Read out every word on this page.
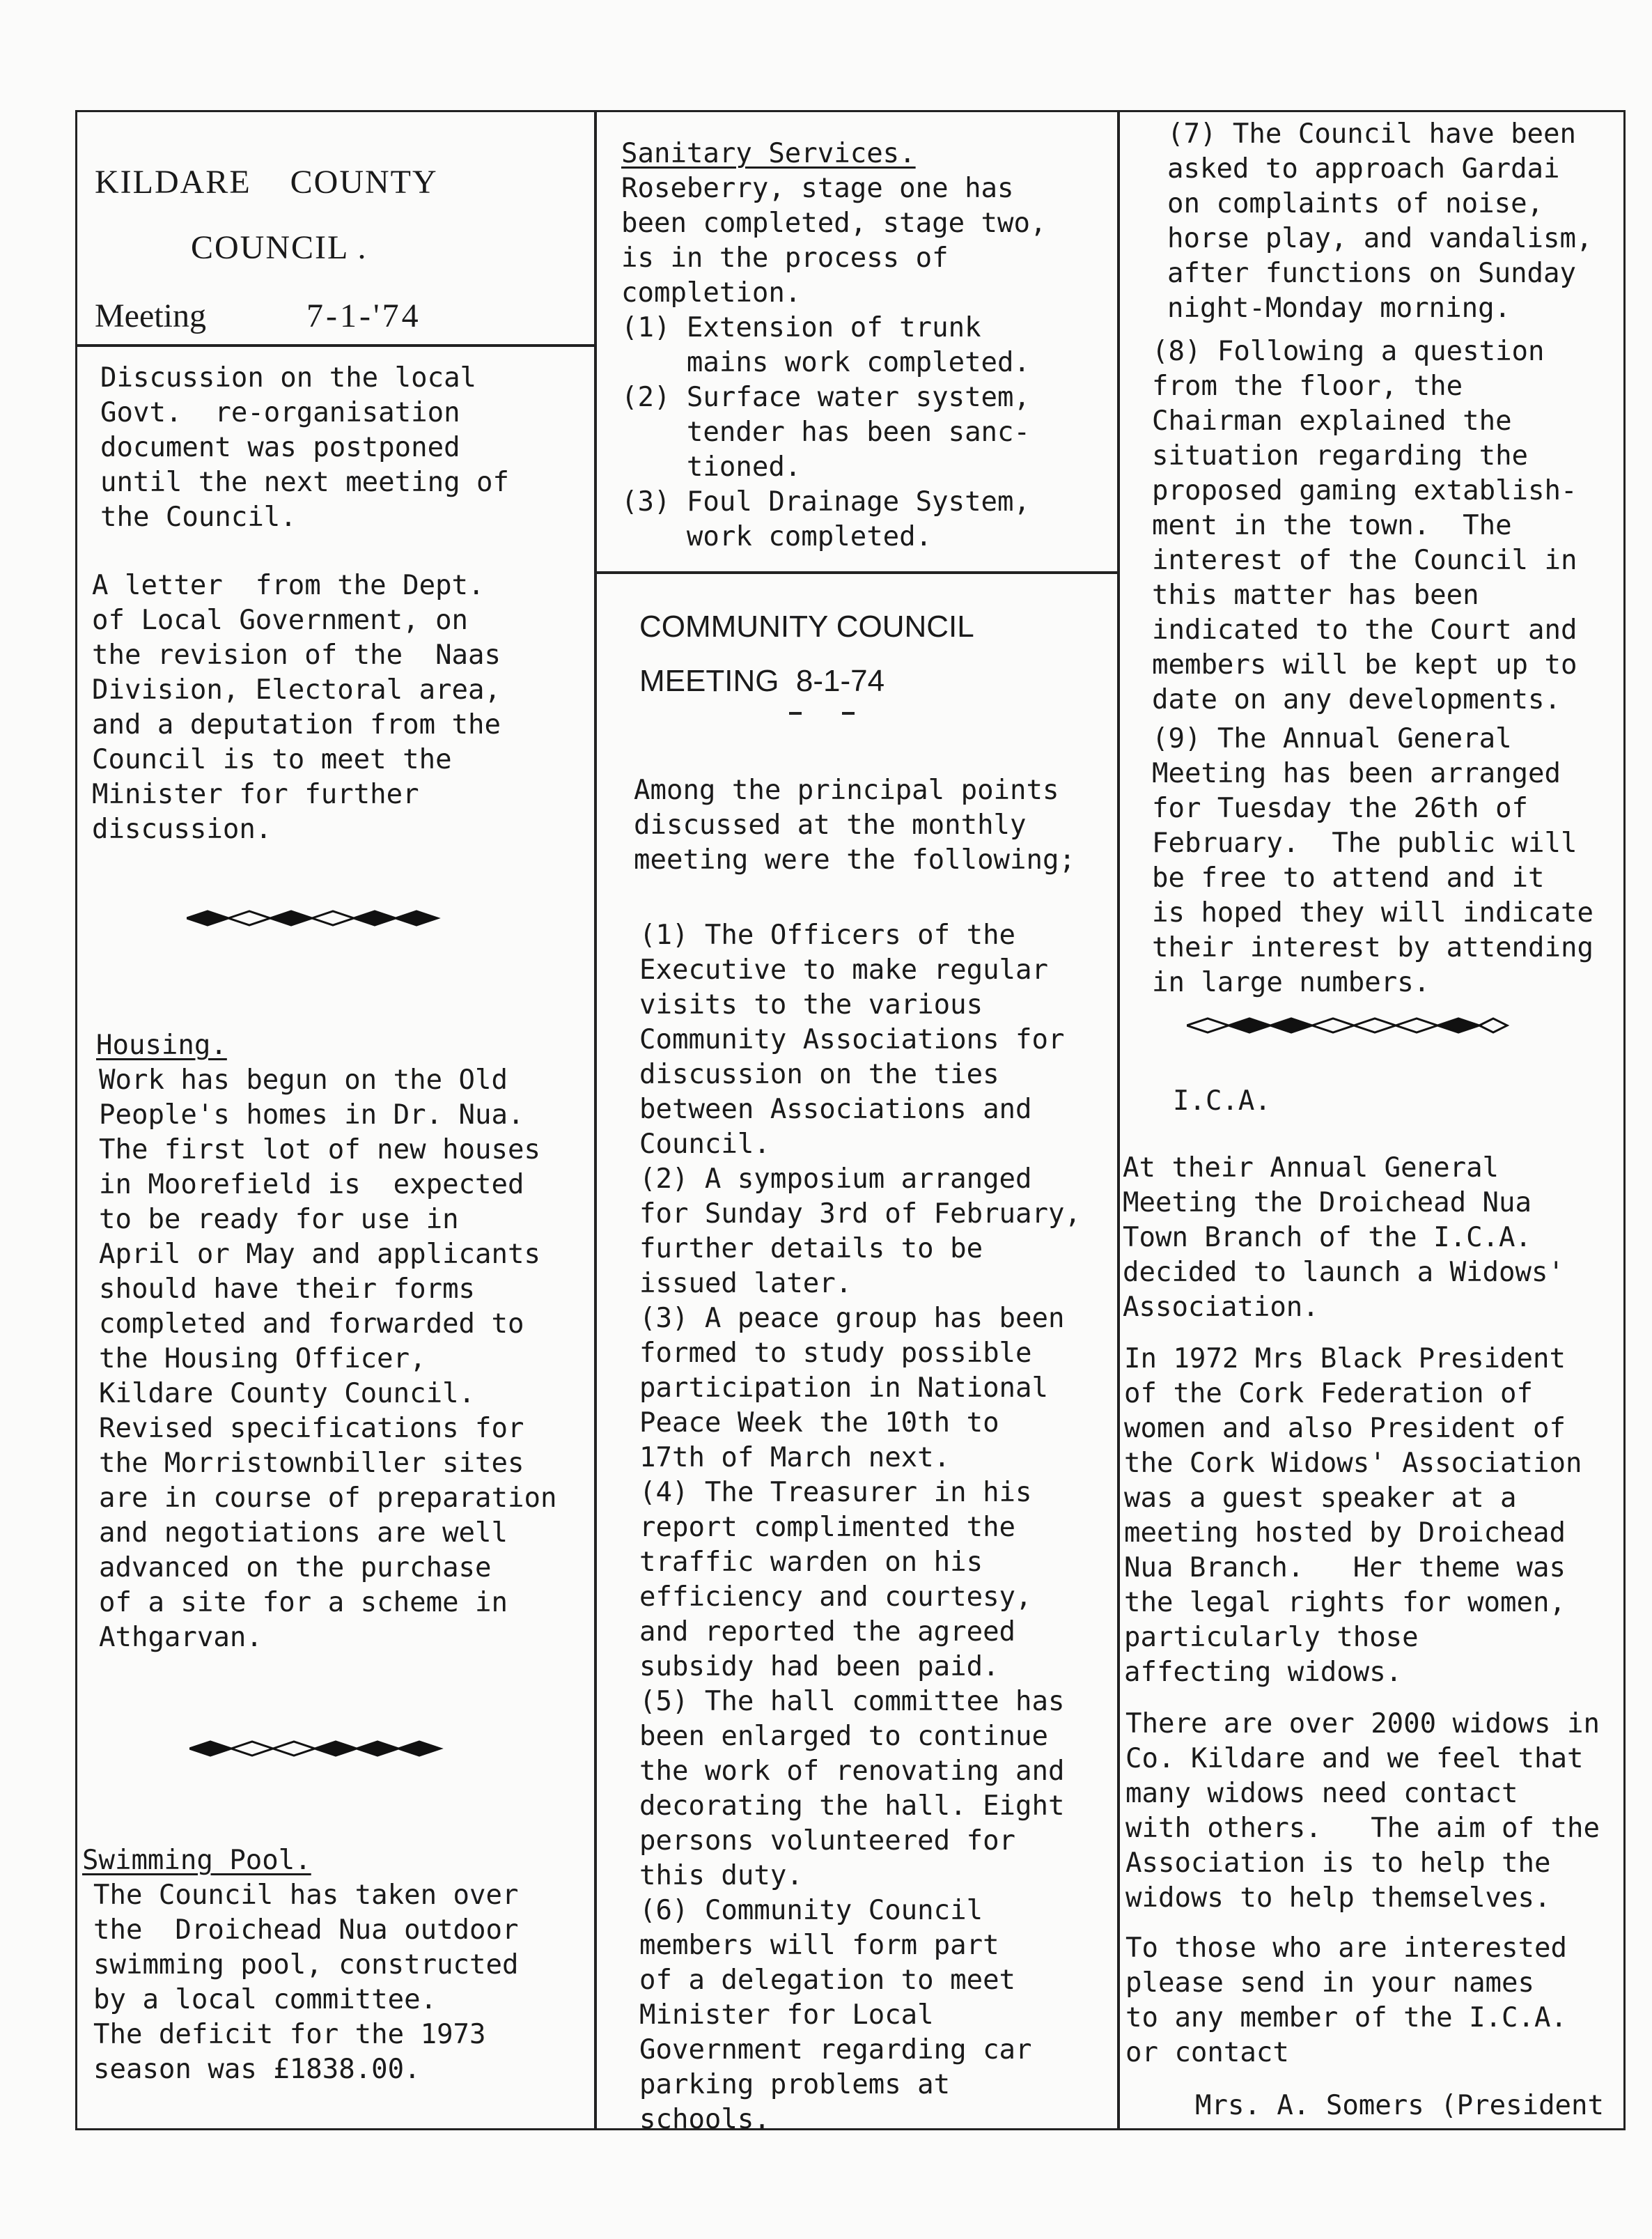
KILDARE    COUNTY
COUNCIL .
Meeting	7-1-'74
Discussion on the local
Govt.  re-organisation
document was postponed
until the next meeting of
the Council.
A letter  from the Dept.
of Local Government, on
the revision of the  Naas
Division, Electoral area,
and a deputation from the
Council is to meet the
Minister for further
discussion.
Housing.
Work has begun on the Old
People's homes in Dr. Nua.
The first lot of new houses
in Moorefield is  expected
to be ready for use in
April or May and applicants
should have their forms
completed and forwarded to
the Housing Officer,
Kildare County Council.
Revised specifications for
the Morristownbiller sites
are in course of preparation
and negotiations are well
advanced on the purchase
of a site for a scheme in
Athgarvan.
Swimming Pool.
The Council has taken over
the  Droichead Nua outdoor
swimming pool, constructed
by a local committee.
The deficit for the 1973
season was £1838.00.
Sanitary Services.
Roseberry, stage one has
been completed, stage two,
is in the process of
completion.
(1) Extension of trunk
mains work completed.
(2) Surface water system,
tender has been sanc-
tioned.
(3) Foul Drainage System,
work completed.
COMMUNITY COUNCIL
MEETING  8-1-74
Among the principal points
discussed at the monthly
meeting were the following;
(1) The Officers of the
Executive to make regular
visits to the various
Community Associations for
discussion on the ties
between Associations and
Council.
(2) A symposium arranged
for Sunday 3rd of February,
further details to be
issued later.
(3) A peace group has been
formed to study possible
participation in National
Peace Week the 10th to
17th of March next.
(4) The Treasurer in his
report complimented the
traffic warden on his
efficiency and courtesy,
and reported the agreed
subsidy had been paid.
(5) The hall committee has
been enlarged to continue
the work of renovating and
decorating the hall. Eight
persons volunteered for
this duty.
(6) Community Council
members will form part
of a delegation to meet
Minister for Local
Government regarding car
parking problems at
schools.
(7) The Council have been
asked to approach Gardai
on complaints of noise,
horse play, and vandalism,
after functions on Sunday
night-Monday morning.
(8) Following a question
from the floor, the
Chairman explained the
situation regarding the
proposed gaming extablish-
ment in the town.  The
interest of the Council in
this matter has been
indicated to the Court and
members will be kept up to
date on any developments.
(9) The Annual General
Meeting has been arranged
for Tuesday the 26th of
February.  The public will
be free to attend and it
is hoped they will indicate
their interest by attending
in large numbers.
I.C.A.
At their Annual General
Meeting the Droichead Nua
Town Branch of the I.C.A.
decided to launch a Widows'
Association.
In 1972 Mrs Black President
of the Cork Federation of
women and also President of
the Cork Widows' Association
was a guest speaker at a
meeting hosted by Droichead
Nua Branch.   Her theme was
the legal rights for women,
particularly those
affecting widows.
There are over 2000 widows in
Co. Kildare and we feel that
many widows need contact
with others.   The aim of the
Association is to help the
widows to help themselves.
To those who are interested
please send in your names
to any member of the I.C.A.
or contact
Mrs. A. Somers (President
